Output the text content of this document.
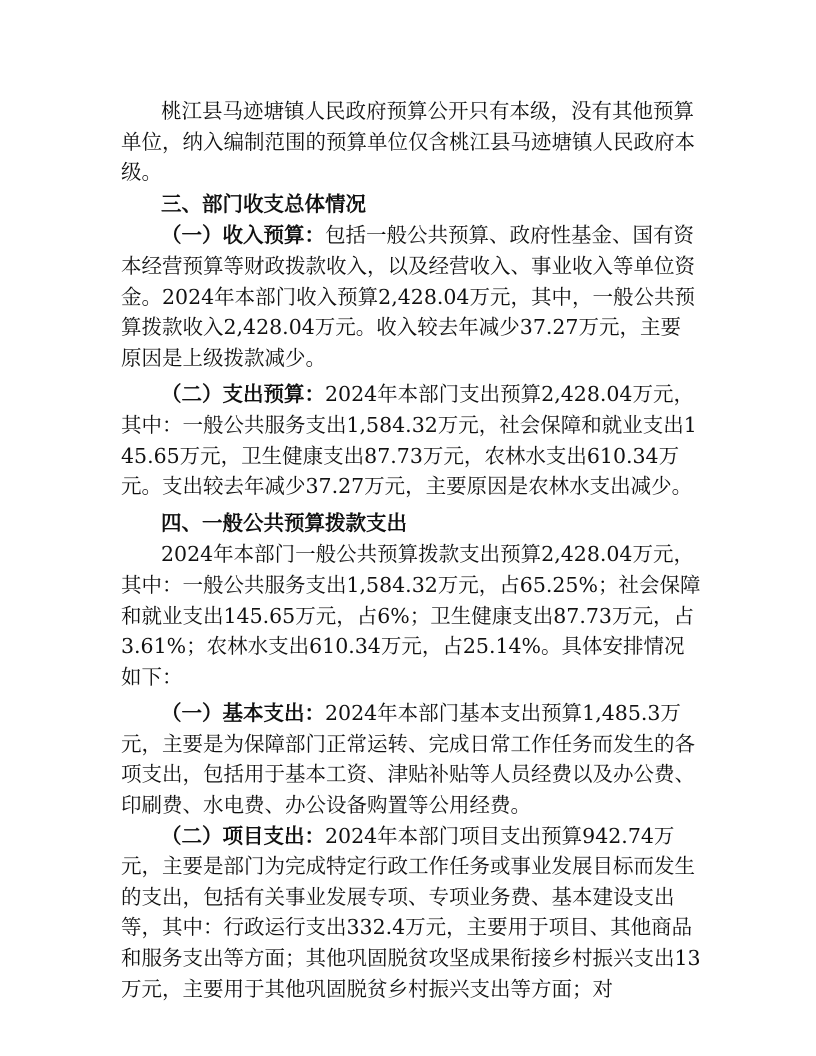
桃江县马迹塘镇人民政府预算公开只有本级，没有其他预算单位，纳入编制范围的预算单位仅含桃江县马迹塘镇人民政府本级。

三、部门收支总体情况

（一）收入预算：包括一般公共预算、政府性基金、国有资本经营预算等财政拨款收入，以及经营收入、事业收入等单位资金。2024年本部门收入预算2,428.04万元，其中，一般公共预算拨款收入2,428.04万元。收入较去年减少37.27万元，主要原因是上级拨款减少。

（二）支出预算：2024年本部门支出预算2,428.04万元，其中：一般公共服务支出1,584.32万元，社会保障和就业支出145.65万元，卫生健康支出87.73万元，农林水支出610.34万元。支出较去年减少37.27万元，主要原因是农林水支出减少。

四、一般公共预算拨款支出

2024年本部门一般公共预算拨款支出预算2,428.04万元，其中：一般公共服务支出1,584.32万元，占65.25%；社会保障和就业支出145.65万元，占6%；卫生健康支出87.73万元，占3.61%；农林水支出610.34万元，占25.14%。具体安排情况如下：

（一）基本支出：2024年本部门基本支出预算1,485.3万元，主要是为保障部门正常运转、完成日常工作任务而发生的各项支出，包括用于基本工资、津贴补贴等人员经费以及办公费、印刷费、水电费、办公设备购置等公用经费。

（二）项目支出：2024年本部门项目支出预算942.74万元，主要是部门为完成特定行政工作任务或事业发展目标而发生的支出，包括有关事业发展专项、专项业务费、基本建设支出等，其中：行政运行支出332.4万元，主要用于项目、其他商品和服务支出等方面；其他巩固脱贫攻坚成果衔接乡村振兴支出13万元，主要用于其他巩固脱贫乡村振兴支出等方面；对
